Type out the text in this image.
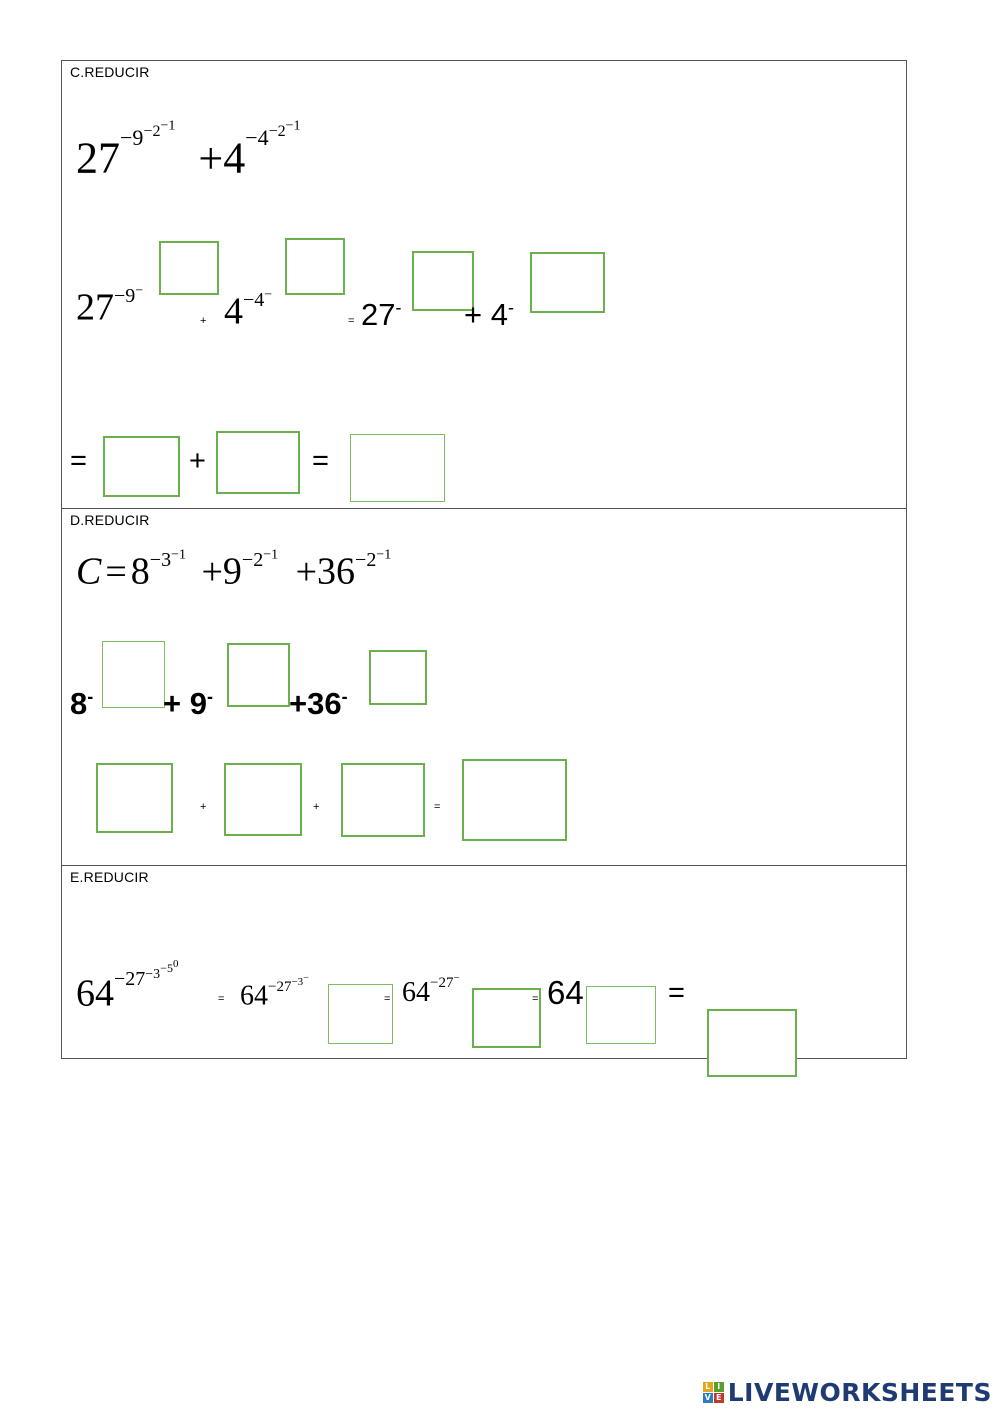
C.REDUCIR
$27^{-9^{-2^{-1}}} +4^{-4^{-2^{-1}}}$
$27^{-9^-}$
+ $4^{-4^-}$
= 27- + 4-
=	+	=
D.REDUCIR
$C = 8^{-3^{-1}} +9^{-2^{-1}} +36^{-2^{-1}}$
8- + 9- +36-
+	+	=
E.REDUCIR
$64^{-27^{-3^{-5^0}}}$
= $64^{-27^{-3^-}}$
= $64^{-27^-}$
= 64	=
L I
V E LIVEWORKSHEETS
